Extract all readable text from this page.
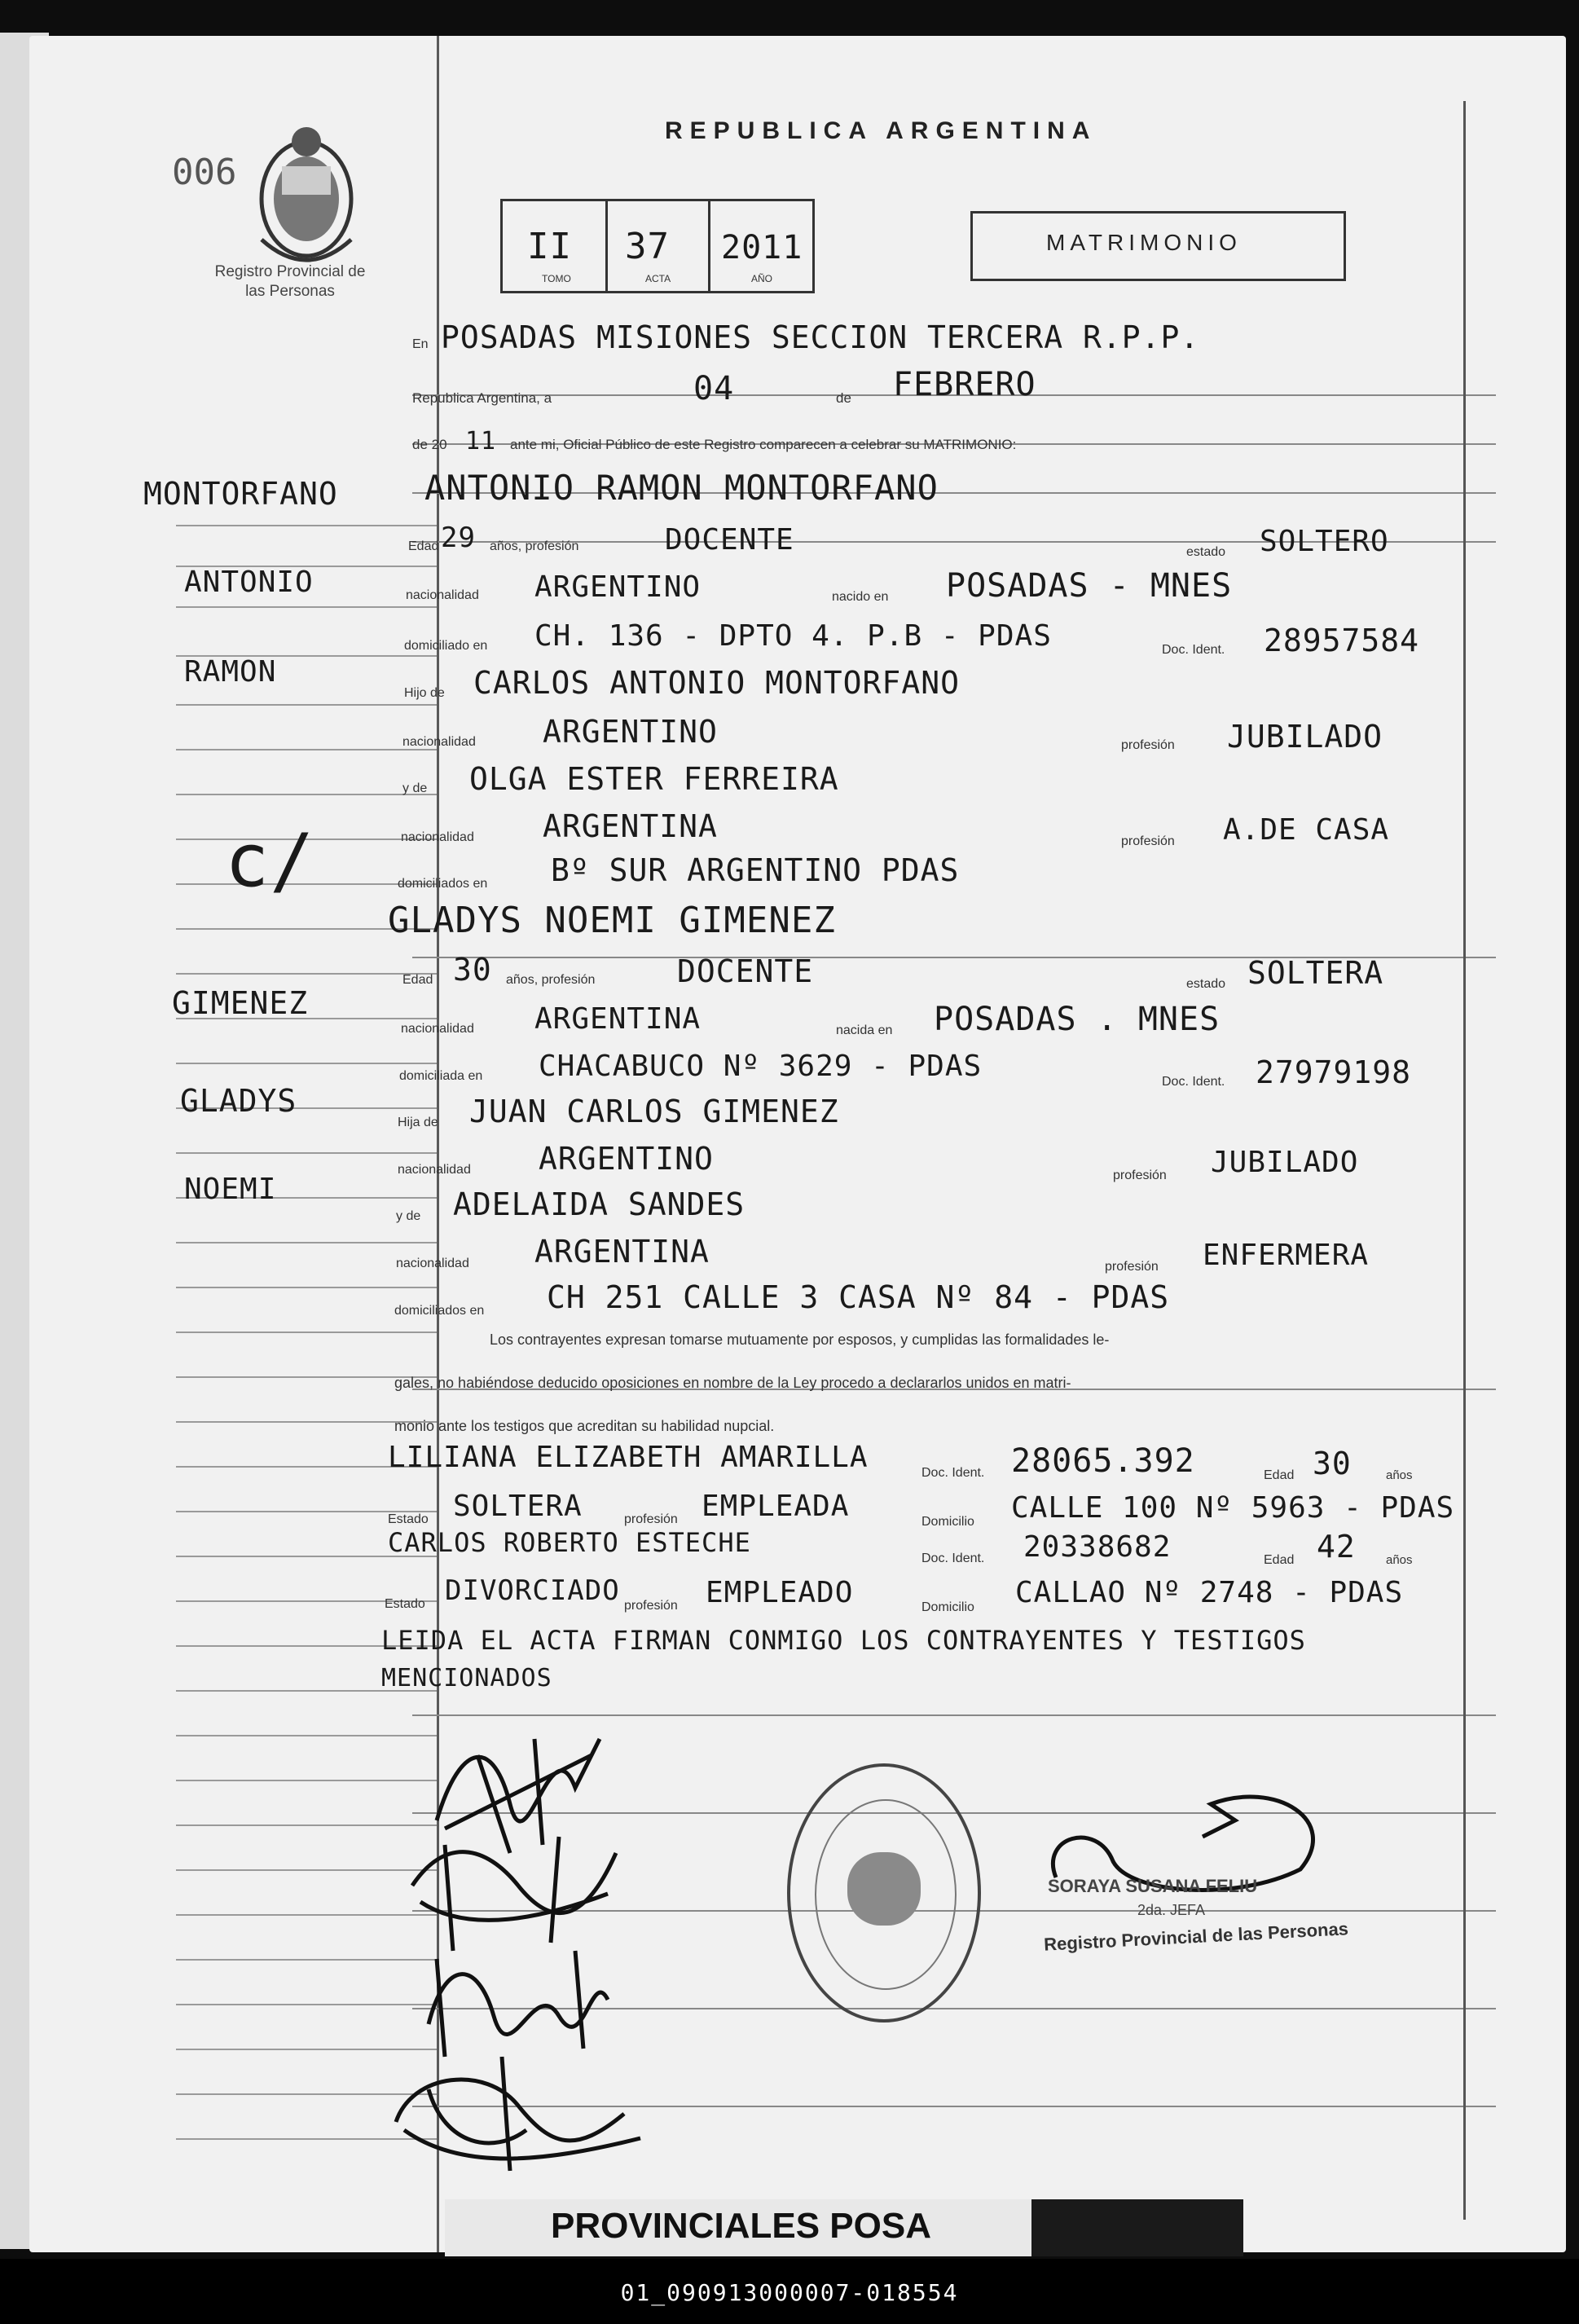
006
Registro Provincial de las Personas
MONTORFANO
ANTONIO
RAMON
c/
GIMENEZ
GLADYS
NOEMI
REPUBLICA ARGENTINA
II 37 2011
TOMO	ACTA	AÑO
MATRIMONIO
En POSADAS MISIONES SECCION TERCERA R.P.P.
Republica Argentina, a	04	de FEBRERO
de 20 11 ante mi, Oficial Público de este Registro comparecen a celebrar su MATRIMONIO:
ANTONIO RAMON MONTORFANO
Edad 29 años, profesión	DOCENTE	estado SOLTERO
nacionalidad ARGENTINO	nacido en POSADAS - MNES
domiciliado en CH. 136 - DPTO 4. P.B - PDAS	Doc. Ident. 28957584
Hijo de CARLOS ANTONIO MONTORFANO
nacionalidad ARGENTINO	profesión JUBILADO
y de OLGA ESTER FERREIRA
nacionalidad ARGENTINA	profesión A.DE CASA
domiciliados en Bº SUR ARGENTINO PDAS
GLADYS NOEMI GIMENEZ
Edad 30 años, profesión	DOCENTE	estado SOLTERA
nacionalidad ARGENTINA	nacida en POSADAS . MNES
domiciliada en CHACABUCO Nº 3629 - PDAS	Doc. Ident. 27979198
Hija de JUAN CARLOS GIMENEZ
nacionalidad ARGENTINO	profesión JUBILADO
y de ADELAIDA SANDES
nacionalidad ARGENTINA	profesión ENFERMERA
domiciliados en CH 251 CALLE 3 CASA Nº 84 - PDAS
Los contrayentes expresan tomarse mutuamente por esposos, y cumplidas las formalidades le-
gales, no habiéndose deducido oposiciones en nombre de la Ley procedo a declararlos unidos en matri-
monio ante los testigos que acreditan su habilidad nupcial.
LILIANA ELIZABETH AMARILLA	Doc. Ident. 28065.392	Edad 30	años
Estado SOLTERA	profesión EMPLEADA	Domicilio CALLE 100 Nº 5963 - PDAS
CARLOS ROBERTO ESTECHE
Doc. Ident. 20338682	Edad 42 años
Estado DIVORCIADO profesión EMPLEADO	Domicilio CALLAO Nº 2748 - PDAS
LEIDA EL ACTA FIRMAN CONMIGO LOS CONTRAYENTES Y TESTIGOS
MENCIONADOS
SORAYA SUSANA FELIU
2da. JEFA
Registro Provincial de las Personas
PROVINCIALES POSA
01_090913000007-018554
